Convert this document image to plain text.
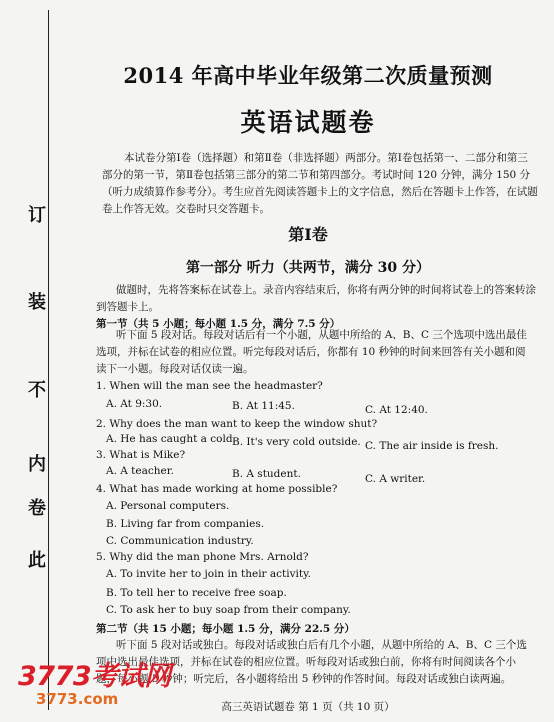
订
装
不
内
卷
此
2014 年高中毕业年级第二次质量预测
英语试题卷
本试卷分第Ⅰ卷（选择题）和第Ⅱ卷（非选择题）两部分。第Ⅰ卷包括第一、二部分和第三部分的第一节，第Ⅱ卷包括第三部分的第二节和第四部分。考试时间 120 分钟，满分 150 分（听力成绩算作参考分）。考生应首先阅读答题卡上的文字信息，然后在答题卡上作答，在试题卷上作答无效。交卷时只交答题卡。
第Ⅰ卷
第一部分 听力（共两节，满分 30 分）
做题时，先将答案标在试卷上。录音内容结束后，你将有两分钟的时间将试卷上的答案转涂到答题卡上。
第一节（共 5 小题；每小题 1.5 分，满分 7.5 分）
听下面 5 段对话。每段对话后有一个小题，从题中所给的 A、B、C 三个选项中选出最佳选项，并标在试卷的相应位置。听完每段对话后，你都有 10 秒钟的时间来回答有关小题和阅读下一小题。每段对话仅读一遍。
1. When will the man see the headmaster?
A. At 9:30.	B. At 11:45.	C. At 12:40.
2. Why does the man want to keep the window shut?
A. He has caught a cold.
B. It's very cold outside. C. The air inside is fresh.
3. What is Mike?
A. A teacher.	B. A student.	C. A writer.
4. What has made working at home possible?
A. Personal computers.
B. Living far from companies.
C. Communication industry.
5. Why did the man phone Mrs. Arnold?
A. To invite her to join in their activity.
B. To tell her to receive free soap.
C. To ask her to buy soap from their company.
第二节（共 15 小题；每小题 1.5 分，满分 22.5 分）
听下面 5 段对话或独白。每段对话或独白后有几个小题，从题中所给的 A、B、C 三个选项中选出最佳选项，并标在试卷的相应位置。听每段对话或独白前，你将有时间阅读各个小题，每小题 5 秒钟；听完后，各小题将给出 5 秒钟的作答时间。每段对话或独白读两遍。
高三英语试题卷 第 1 页（共 10 页）
3773考试网
3773.com
